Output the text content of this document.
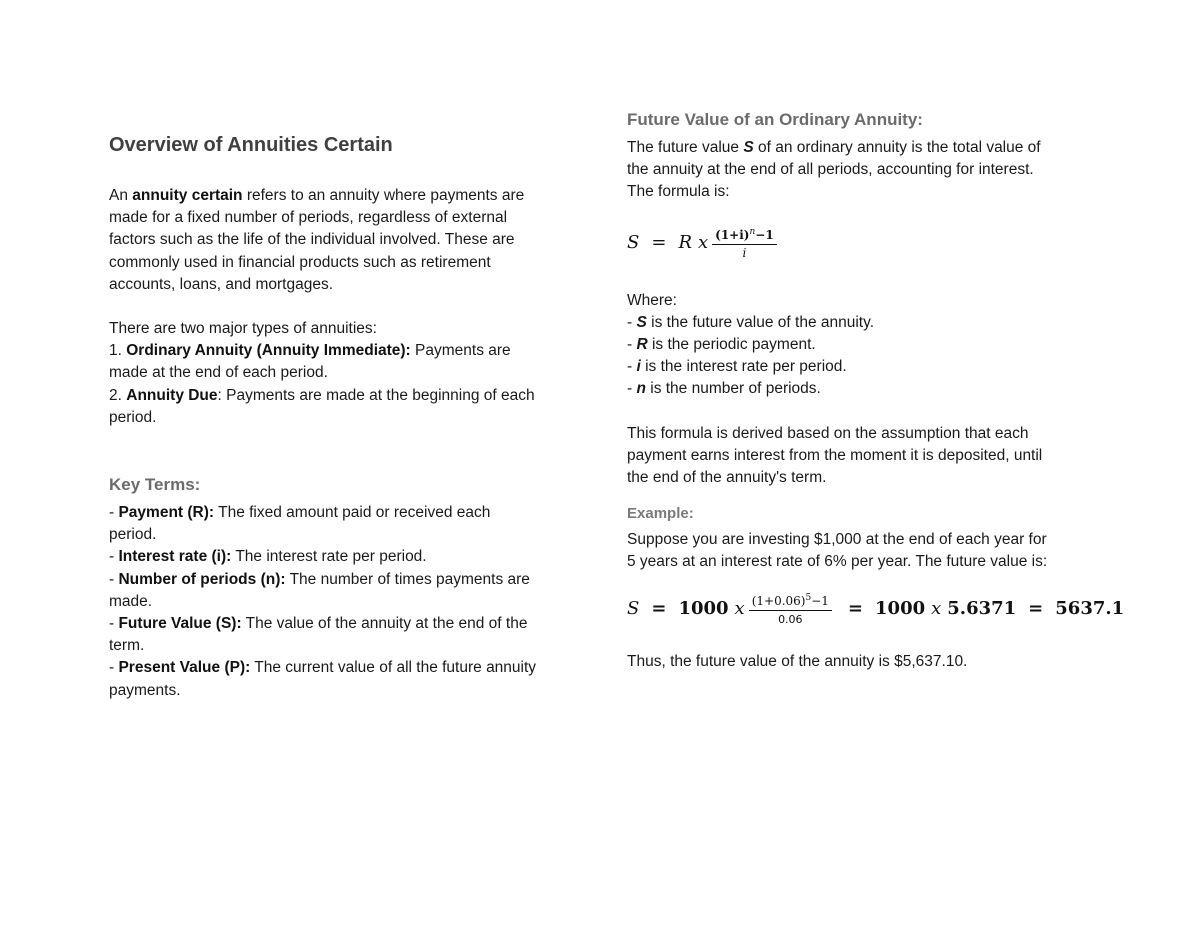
Overview of Annuities Certain

An annuity certain refers to an annuity where payments are

made for a fixed number of periods, regardless of external

factors such as the life of the individual involved. These are

commonly used in financial products such as retirement

accounts, loans, and mortgages.

There are two major types of annuities:

1. Ordinary Annuity (Annuity Immediate): Payments are

made at the end of each period.

2. Annuity Due: Payments are made at the beginning of each

period.

Key Terms:

- Payment (R): The fixed amount paid or received each

period.

- Interest rate (i): The interest rate per period.

- Number of periods (n): The number of times payments are

made.

- Future Value (S): The value of the annuity at the end of the

term.

- Present Value (P): The current value of all the future annuity

payments.

Future Value of an Ordinary Annuity:

The future value S of an ordinary annuity is the total value of

the annuity at the end of all periods, accounting for interest.

The formula is:

S = R x $\frac{(1+i)^n-1}{i}$

Where:

- S is the future value of the annuity.

- R is the periodic payment.

- i is the interest rate per period.

- n is the number of periods.

This formula is derived based on the assumption that each

payment earns interest from the moment it is deposited, until

the end of the annuity's term.

Example:

Suppose you are investing $1,000 at the end of each year for

5 years at an interest rate of 6% per year. The future value is:

S = 1000 x $\frac{(1+0.06)^5-1}{0.06} = 1000$ x 5.6371 = 5637.1

Thus, the future value of the annuity is $5,637.10.
